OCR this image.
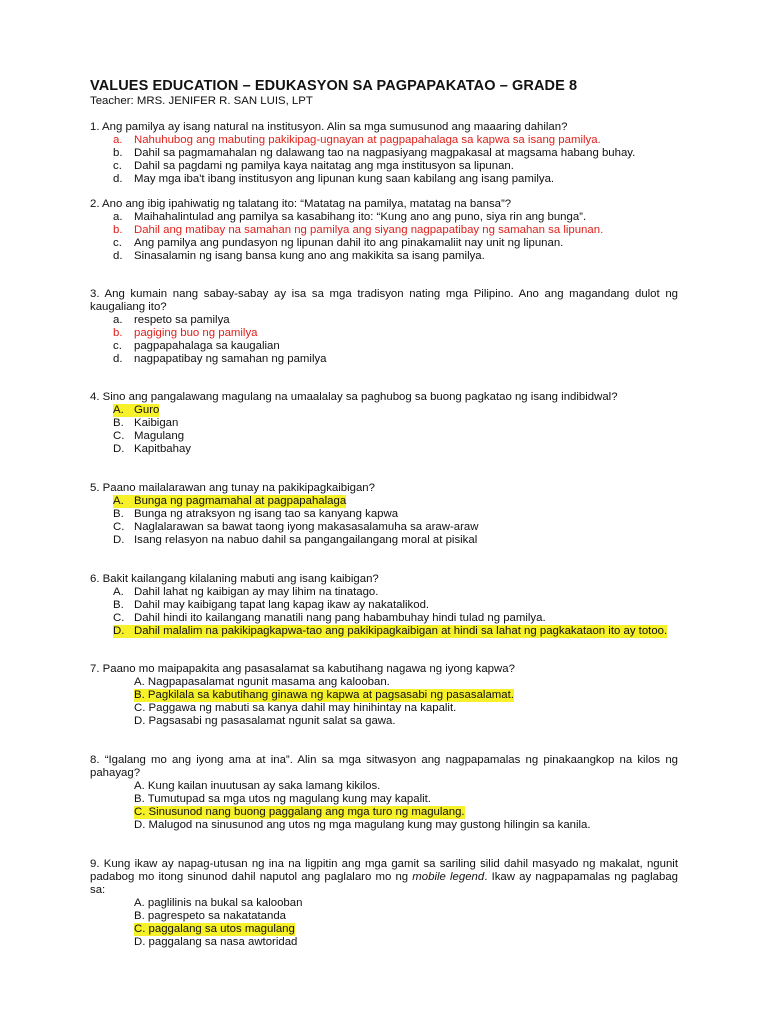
VALUES EDUCATION – EDUKASYON SA PAGPAPAKATAO – GRADE 8
Teacher: MRS. JENIFER R. SAN LUIS, LPT

1. Ang pamilya ay isang natural na institusyon. Alin sa mga sumusunod ang maaaring dahilan?

a.	Nahuhubog ang mabuting pakikipag-ugnayan at pagpapahalaga sa kapwa sa isang pamilya.
b.	Dahil sa pagmamahalan ng dalawang tao na nagpasiyang magpakasal at magsama habang buhay.
c.	Dahil sa pagdami ng pamilya kaya naitatag ang mga institusyon sa lipunan.
d.	May mga iba't ibang institusyon ang lipunan kung saan kabilang ang isang pamilya.

2. Ano ang ibig ipahiwatig ng talatang ito: “Matatag na pamilya, matatag na bansa”?

a.	Maihahalintulad ang pamilya sa kasabihang ito: “Kung ano ang puno, siya rin ang bunga”.
b.	Dahil ang matibay na samahan ng pamilya ang siyang nagpapatibay ng samahan sa lipunan.
c.	Ang pamilya ang pundasyon ng lipunan dahil ito ang pinakamaliit nay unit ng lipunan.
d.	Sinasalamin ng isang bansa kung ano ang makikita sa isang pamilya.

3. Ang kumain nang sabay-sabay ay isa sa mga tradisyon nating mga Pilipino. Ano ang magandang dulot ng kaugaliang ito?

a.	respeto sa pamilya
b.	pagiging buo ng pamilya
c.	pagpapahalaga sa kaugalian
d.	nagpapatibay ng samahan ng pamilya

4. Sino ang pangalawang magulang na umaalalay sa paghubog sa buong pagkatao ng isang indibidwal?

A. Guro
B. Kaibigan
C. Magulang
D. Kapitbahay

5. Paano mailalarawan ang tunay na pakikipagkaibigan?

A. Bunga ng pagmamahal at pagpapahalaga
B. Bunga ng atraksyon ng isang tao sa kanyang kapwa
C. Naglalarawan sa bawat taong iyong makasasalamuha sa araw-araw
D. Isang relasyon na nabuo dahil sa pangangailangang moral at pisikal

6. Bakit kailangang kilalaning mabuti ang isang kaibigan?

A. Dahil lahat ng kaibigan ay may lihim na tinatago.
B. Dahil may kaibigang tapat lang kapag ikaw ay nakatalikod.
C. Dahil hindi ito kailangang manatili nang pang habambuhay hindi tulad ng pamilya.
D. Dahil malalim na pakikipagkapwa-tao ang pakikipagkaibigan at hindi sa lahat ng pagkakataon ito ay totoo.

7. Paano mo maipapakita ang pasasalamat sa kabutihang nagawa ng iyong kapwa?

A. Nagpapasalamat ngunit masama ang kalooban.
B. Pagkilala sa kabutihang ginawa ng kapwa at pagsasabi ng pasasalamat.
C. Paggawa ng mabuti sa kanya dahil may hinihintay na kapalit.
D. Pagsasabi ng pasasalamat ngunit salat sa gawa.

8. “Igalang mo ang iyong ama at ina”. Alin sa mga sitwasyon ang nagpapamalas ng pinakaangkop na kilos ng pahayag?

A. Kung kailan inuutusan ay saka lamang kikilos.
B. Tumutupad sa mga utos ng magulang kung may kapalit.
C. Sinusunod nang buong paggalang ang mga turo ng magulang.
D. Malugod na sinusunod ang utos ng mga magulang kung may gustong hilingin sa kanila.

9. Kung ikaw ay napag-utusan ng ina na ligpitin ang mga gamit sa sariling silid dahil masyado ng makalat, ngunit padabog mo itong sinunod dahil naputol ang paglalaro mo ng mobile legend. Ikaw ay nagpapamalas ng paglabag sa:

A. paglilinis na bukal sa kalooban
B. pagrespeto sa nakatatanda
C. paggalang sa utos magulang
D. paggalang sa nasa awtoridad
